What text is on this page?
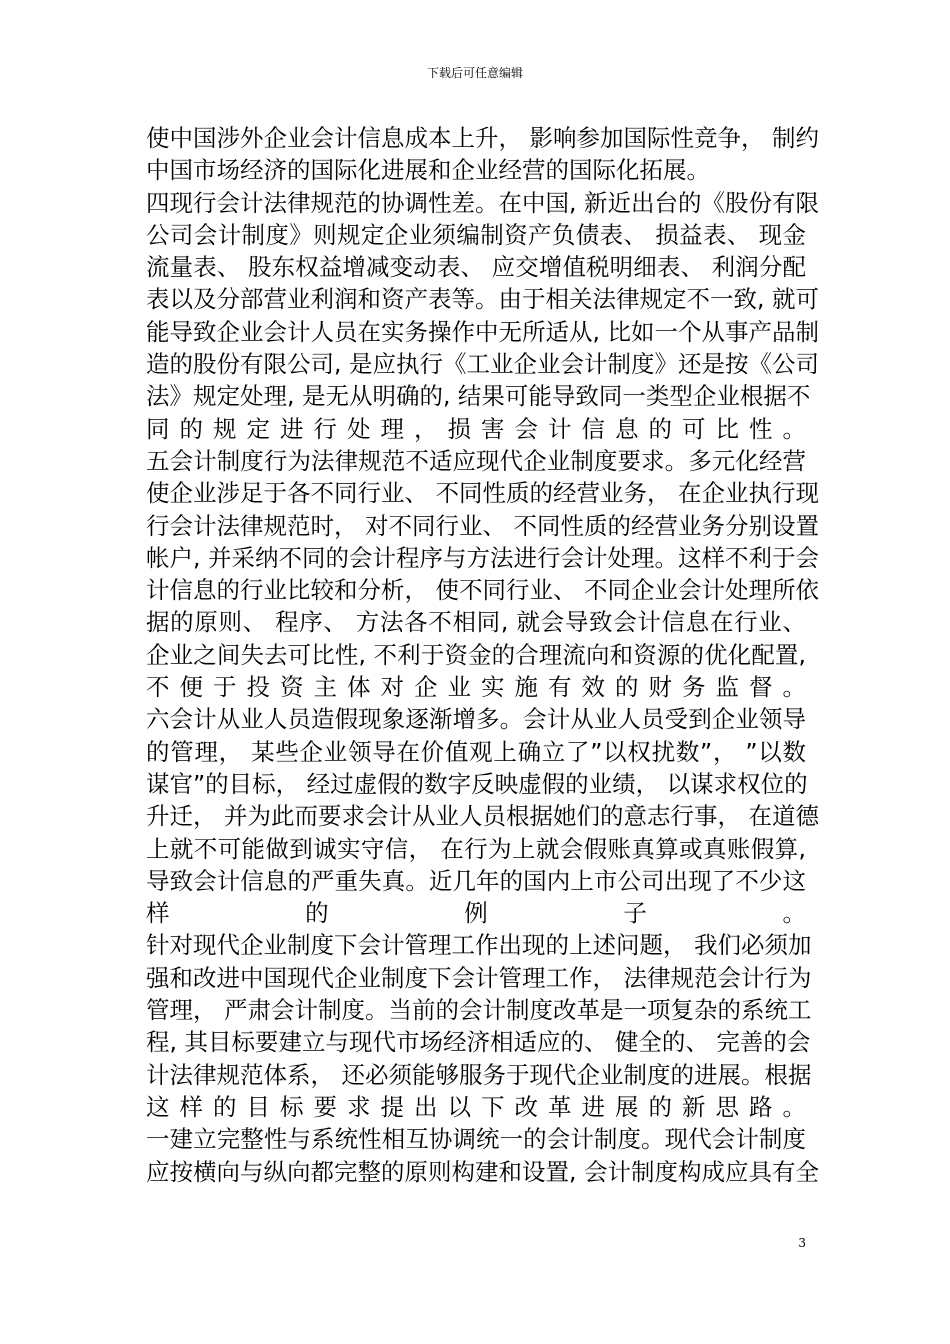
下载后可任意编辑
使中国涉外企业会计信息成本上升， 影响参加国际性竞争， 制约
中国市场经济的国际化进展和企业经营的国际化拓展。
四现行会计法律规范的协调性差。在中国, 新近出台的《股份有限
公司会计制度》则规定企业须编制资产负债表、 损益表、 现金
流量表、 股东权益增减变动表、 应交增值税明细表、 利润分配
表以及分部营业利润和资产表等。由于相关法律规定不一致, 就可
能导致企业会计人员在实务操作中无所适从, 比如一个从事产品制
造的股份有限公司, 是应执行《工业企业会计制度》还是按《公司
法》规定处理, 是无从明确的, 结果可能导致同一类型企业根据不
同 的 规 定 进 行 处 理 ， 损 害 会 计 信 息 的 可 比 性 。
五会计制度行为法律规范不适应现代企业制度要求。多元化经营
使企业涉足于各不同行业、 不同性质的经营业务， 在企业执行现
行会计法律规范时， 对不同行业、 不同性质的经营业务分别设置
帐户, 并采纳不同的会计程序与方法进行会计处理。这样不利于会
计信息的行业比较和分析， 使不同行业、 不同企业会计处理所依
据的原则、 程序、 方法各不相同, 就会导致会计信息在行业、
企业之间失去可比性, 不利于资金的合理流向和资源的优化配置,
不 便 于 投 资 主 体 对 企 业 实 施 有 效 的 财 务 监 督 。
六会计从业人员造假现象逐渐增多。会计从业人员受到企业领导
的管理， 某些企业领导在价值观上确立了”以权扰数”， ”以数
谋官”的目标， 经过虚假的数字反映虚假的业绩， 以谋求权位的
升迁， 并为此而要求会计从业人员根据她们的意志行事， 在道德
上就不可能做到诚实守信， 在行为上就会假账真算或真账假算,
导致会计信息的严重失真。近几年的国内上市公司出现了不少这
样 的 例 子 。
针对现代企业制度下会计管理工作出现的上述问题， 我们必须加
强和改进中国现代企业制度下会计管理工作， 法律规范会计行为
管理， 严肃会计制度。当前的会计制度改革是一项复杂的系统工
程, 其目标要建立与现代市场经济相适应的、 健全的、 完善的会
计法律规范体系， 还必须能够服务于现代企业制度的进展。根据
这 样 的 目 标 要 求 提 出 以 下 改 革 进 展 的 新 思 路 。
一建立完整性与系统性相互协调统一的会计制度。现代会计制度
应按横向与纵向都完整的原则构建和设置, 会计制度构成应具有全
3
